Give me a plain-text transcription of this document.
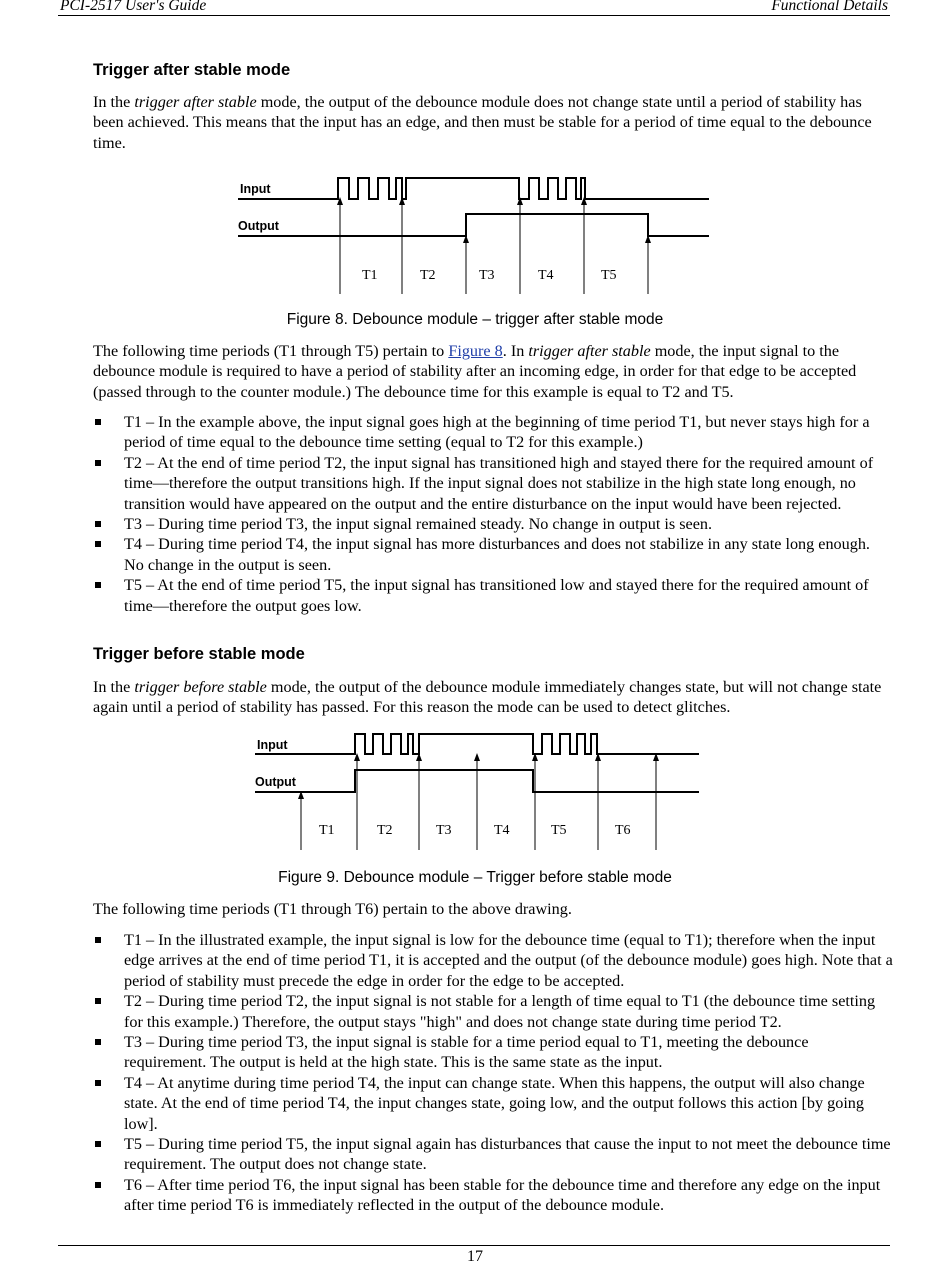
PCI-2517 User's Guide	Functional Details
Trigger after stable mode
In the trigger after stable mode, the output of the debounce module does not change state until a period of stability has been achieved. This means that the input has an edge, and then must be stable for a period of time equal to the debounce time.
Input
Output
T1	T2	T3	T4	T5
Figure 8. Debounce module – trigger after stable mode
The following time periods (T1 through T5) pertain to Figure 8. In trigger after stable mode, the input signal to the debounce module is required to have a period of stability after an incoming edge, in order for that edge to be accepted (passed through to the counter module.) The debounce time for this example is equal to T2 and T5.
T1 – In the example above, the input signal goes high at the beginning of time period T1, but never stays high for a period of time equal to the debounce time setting (equal to T2 for this example.)
T2 – At the end of time period T2, the input signal has transitioned high and stayed there for the required amount of time—therefore the output transitions high. If the input signal does not stabilize in the high state long enough, no transition would have appeared on the output and the entire disturbance on the input would have been rejected.
T3 – During time period T3, the input signal remained steady. No change in output is seen.
T4 – During time period T4, the input signal has more disturbances and does not stabilize in any state long enough. No change in the output is seen.
T5 – At the end of time period T5, the input signal has transitioned low and stayed there for the required amount of time—therefore the output goes low.
Trigger before stable mode
In the trigger before stable mode, the output of the debounce module immediately changes state, but will not change state again until a period of stability has passed. For this reason the mode can be used to detect glitches.
Input
Output
T1	T2	T3	T4	T5	T6
Figure 9. Debounce module – Trigger before stable mode
The following time periods (T1 through T6) pertain to the above drawing.
T1 – In the illustrated example, the input signal is low for the debounce time (equal to T1); therefore when the input edge arrives at the end of time period T1, it is accepted and the output (of the debounce module) goes high. Note that a period of stability must precede the edge in order for the edge to be accepted.
T2 – During time period T2, the input signal is not stable for a length of time equal to T1 (the debounce time setting for this example.) Therefore, the output stays "high" and does not change state during time period T2.
T3 – During time period T3, the input signal is stable for a time period equal to T1, meeting the debounce requirement. The output is held at the high state. This is the same state as the input.
T4 – At anytime during time period T4, the input can change state. When this happens, the output will also change state. At the end of time period T4, the input changes state, going low, and the output follows this action [by going low].
T5 – During time period T5, the input signal again has disturbances that cause the input to not meet the debounce time requirement. The output does not change state.
T6 – After time period T6, the input signal has been stable for the debounce time and therefore any edge on the input after time period T6 is immediately reflected in the output of the debounce module.
17
